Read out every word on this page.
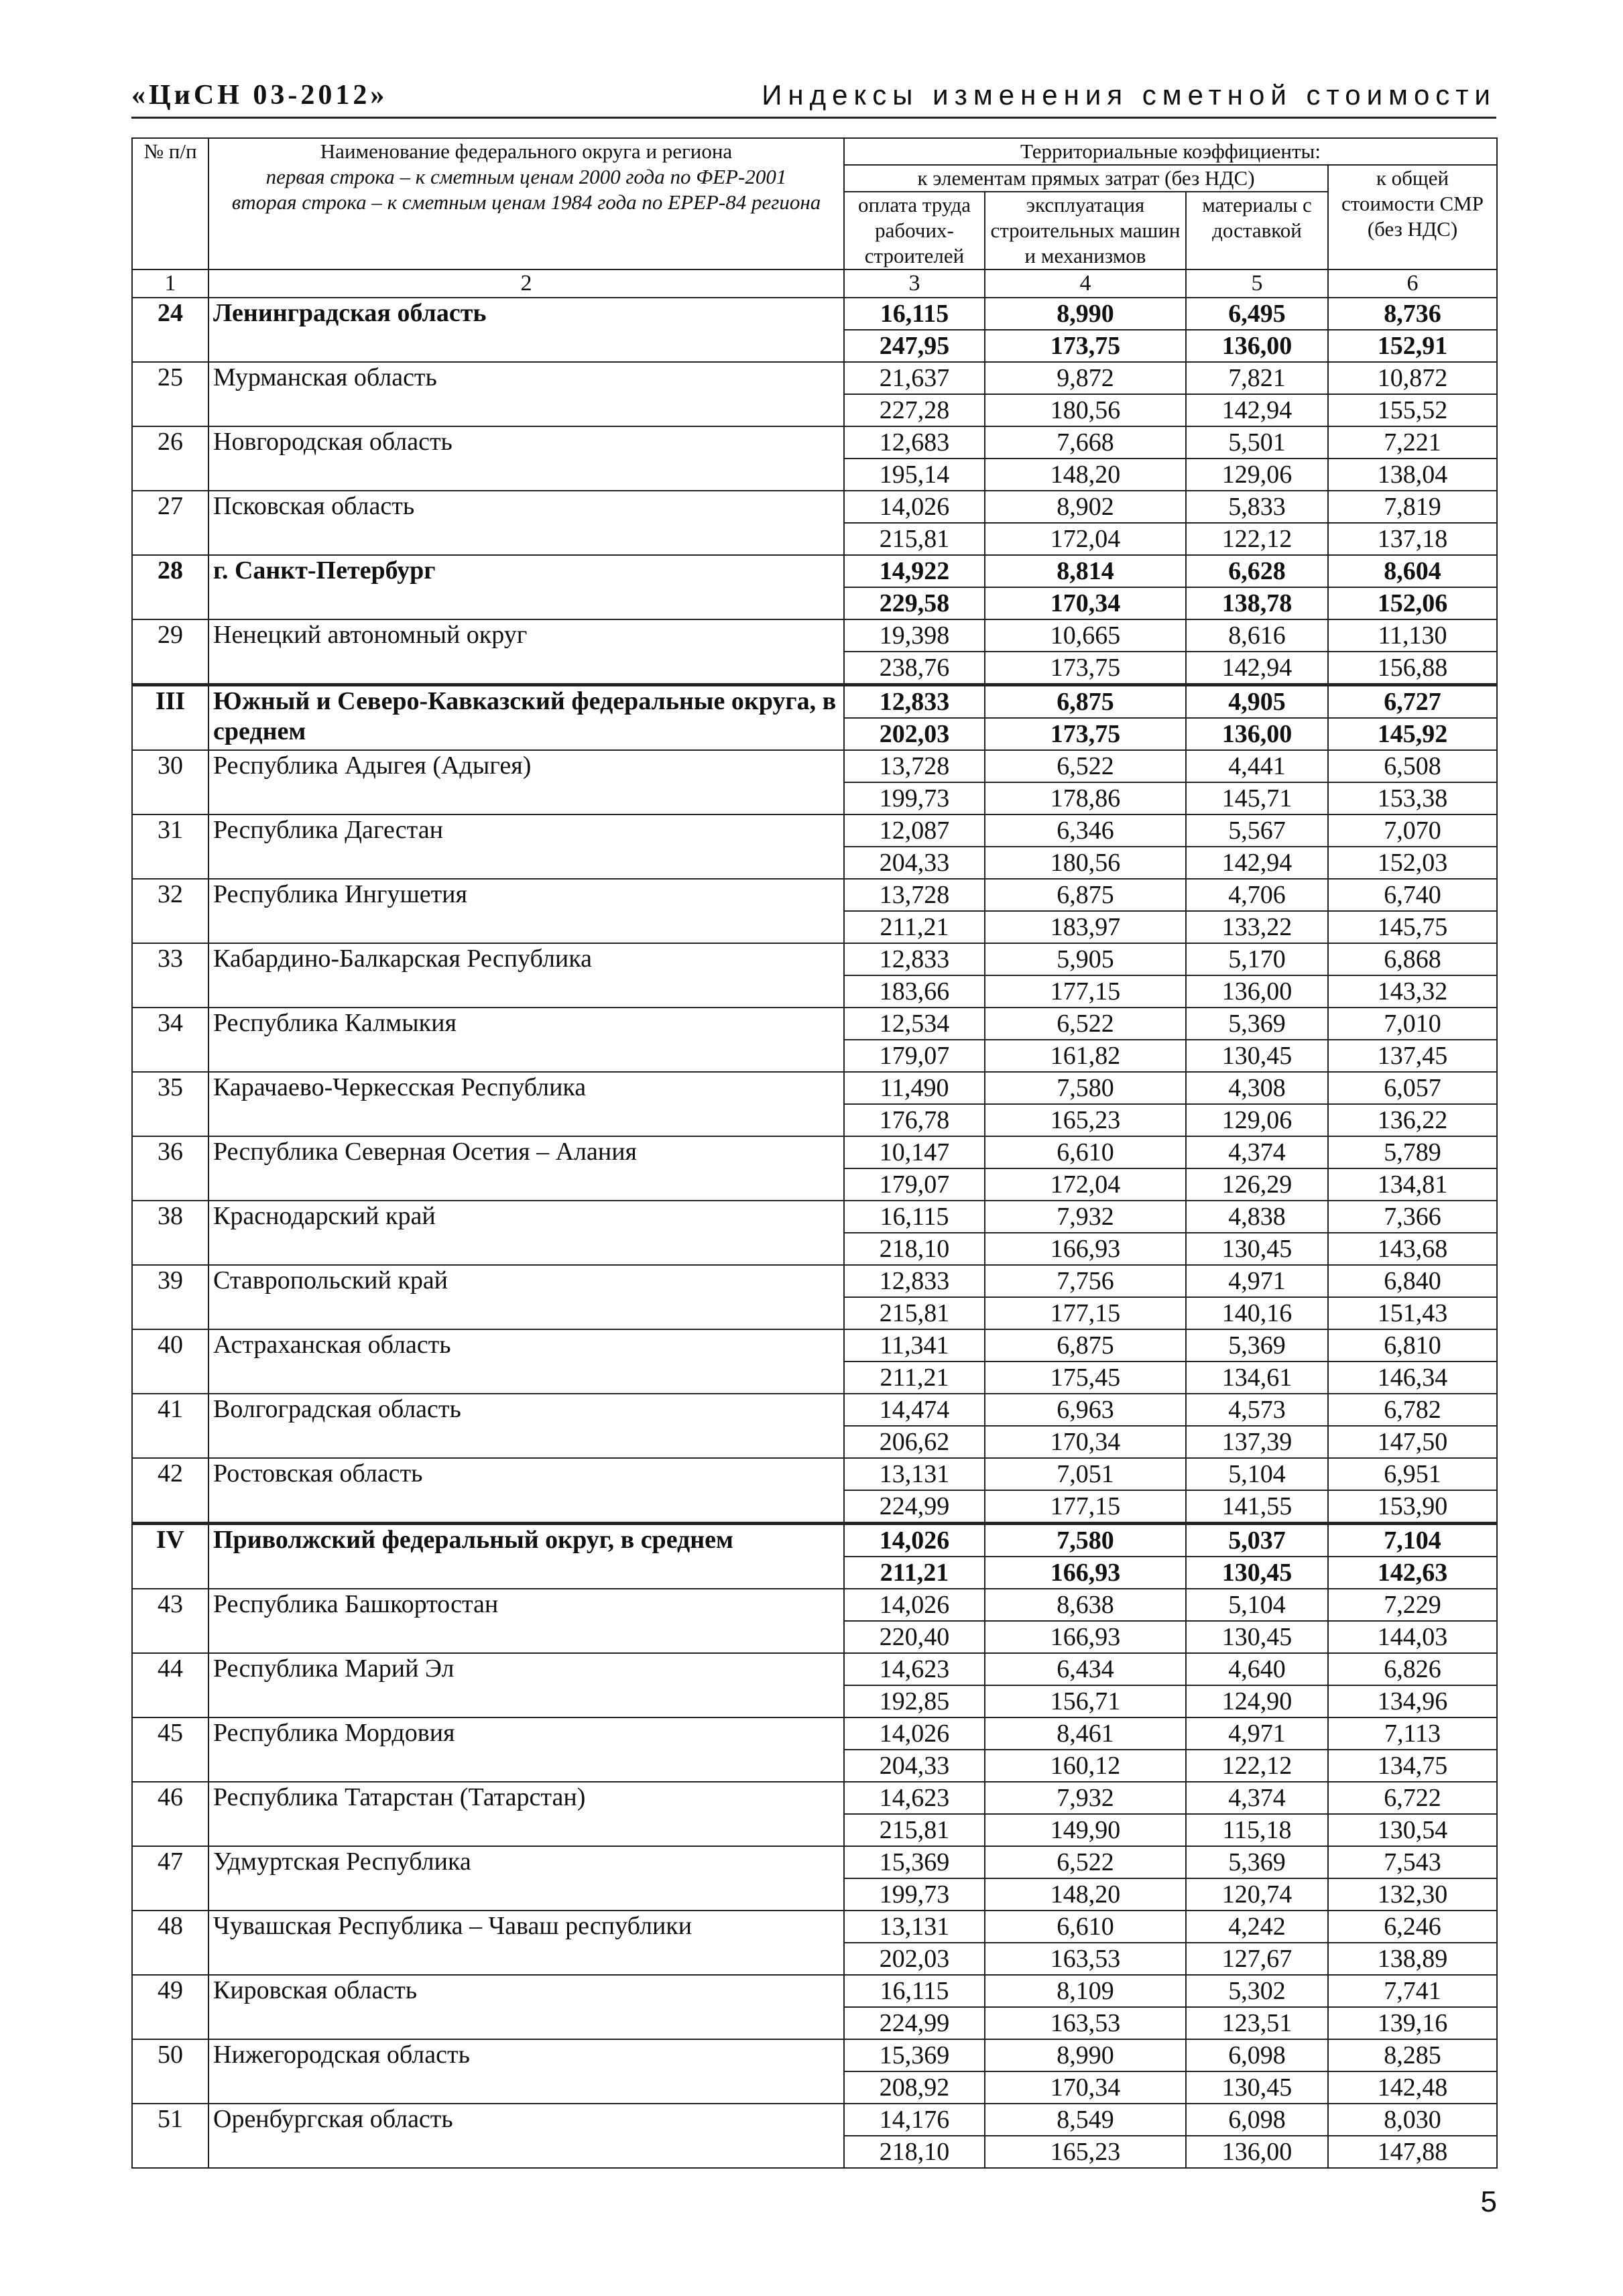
«ЦиСН 03-2012»	Индексы изменения сметной стоимости
№ п/п	Наименование федерального округа и региона
первая строка – к сметным ценам 2000 года по ФЕР-2001
вторая строка – к сметным ценам 1984 года по ЕРЕР-84 региона	Территориальные коэффициенты:			
		к элементам прямых затрат (без НДС)			к общей стоимости СМР (без НДС)
		оплата труда рабочих-строителей	эксплуатация строительных машин и механизмов	материалы с доставкой	
1	2	3	4	5	6
24	Ленинградская область	16,115	8,990	6,495	8,736
		247,95	173,75	136,00	152,91
25	Мурманская область	21,637	9,872	7,821	10,872
		227,28	180,56	142,94	155,52
26	Новгородская область	12,683	7,668	5,501	7,221
		195,14	148,20	129,06	138,04
27	Псковская область	14,026	8,902	5,833	7,819
		215,81	172,04	122,12	137,18
28	г. Санкт-Петербург	14,922	8,814	6,628	8,604
		229,58	170,34	138,78	152,06
29	Ненецкий автономный округ	19,398	10,665	8,616	11,130
		238,76	173,75	142,94	156,88
III	Южный и Северо-Кавказский федеральные округа, в среднем	12,833	6,875	4,905	6,727
		202,03	173,75	136,00	145,92
30	Республика Адыгея (Адыгея)	13,728	6,522	4,441	6,508
		199,73	178,86	145,71	153,38
31	Республика Дагестан	12,087	6,346	5,567	7,070
		204,33	180,56	142,94	152,03
32	Республика Ингушетия	13,728	6,875	4,706	6,740
		211,21	183,97	133,22	145,75
33	Кабардино-Балкарская Республика	12,833	5,905	5,170	6,868
		183,66	177,15	136,00	143,32
34	Республика Калмыкия	12,534	6,522	5,369	7,010
		179,07	161,82	130,45	137,45
35	Карачаево-Черкесская Республика	11,490	7,580	4,308	6,057
		176,78	165,23	129,06	136,22
36	Республика Северная Осетия – Алания	10,147	6,610	4,374	5,789
		179,07	172,04	126,29	134,81
38	Краснодарский край	16,115	7,932	4,838	7,366
		218,10	166,93	130,45	143,68
39	Ставропольский край	12,833	7,756	4,971	6,840
		215,81	177,15	140,16	151,43
40	Астраханская область	11,341	6,875	5,369	6,810
		211,21	175,45	134,61	146,34
41	Волгоградская область	14,474	6,963	4,573	6,782
		206,62	170,34	137,39	147,50
42	Ростовская область	13,131	7,051	5,104	6,951
		224,99	177,15	141,55	153,90
IV	Приволжский федеральный округ, в среднем	14,026	7,580	5,037	7,104
		211,21	166,93	130,45	142,63
43	Республика Башкортостан	14,026	8,638	5,104	7,229
		220,40	166,93	130,45	144,03
44	Республика Марий Эл	14,623	6,434	4,640	6,826
		192,85	156,71	124,90	134,96
45	Республика Мордовия	14,026	8,461	4,971	7,113
		204,33	160,12	122,12	134,75
46	Республика Татарстан (Татарстан)	14,623	7,932	4,374	6,722
		215,81	149,90	115,18	130,54
47	Удмуртская Республика	15,369	6,522	5,369	7,543
		199,73	148,20	120,74	132,30
48	Чувашская Республика – Чаваш республики	13,131	6,610	4,242	6,246
		202,03	163,53	127,67	138,89
49	Кировская область	16,115	8,109	5,302	7,741
		224,99	163,53	123,51	139,16
50	Нижегородская область	15,369	8,990	6,098	8,285
		208,92	170,34	130,45	142,48
51	Оренбургская область	14,176	8,549	6,098	8,030
		218,10	165,23	136,00	147,88
5
